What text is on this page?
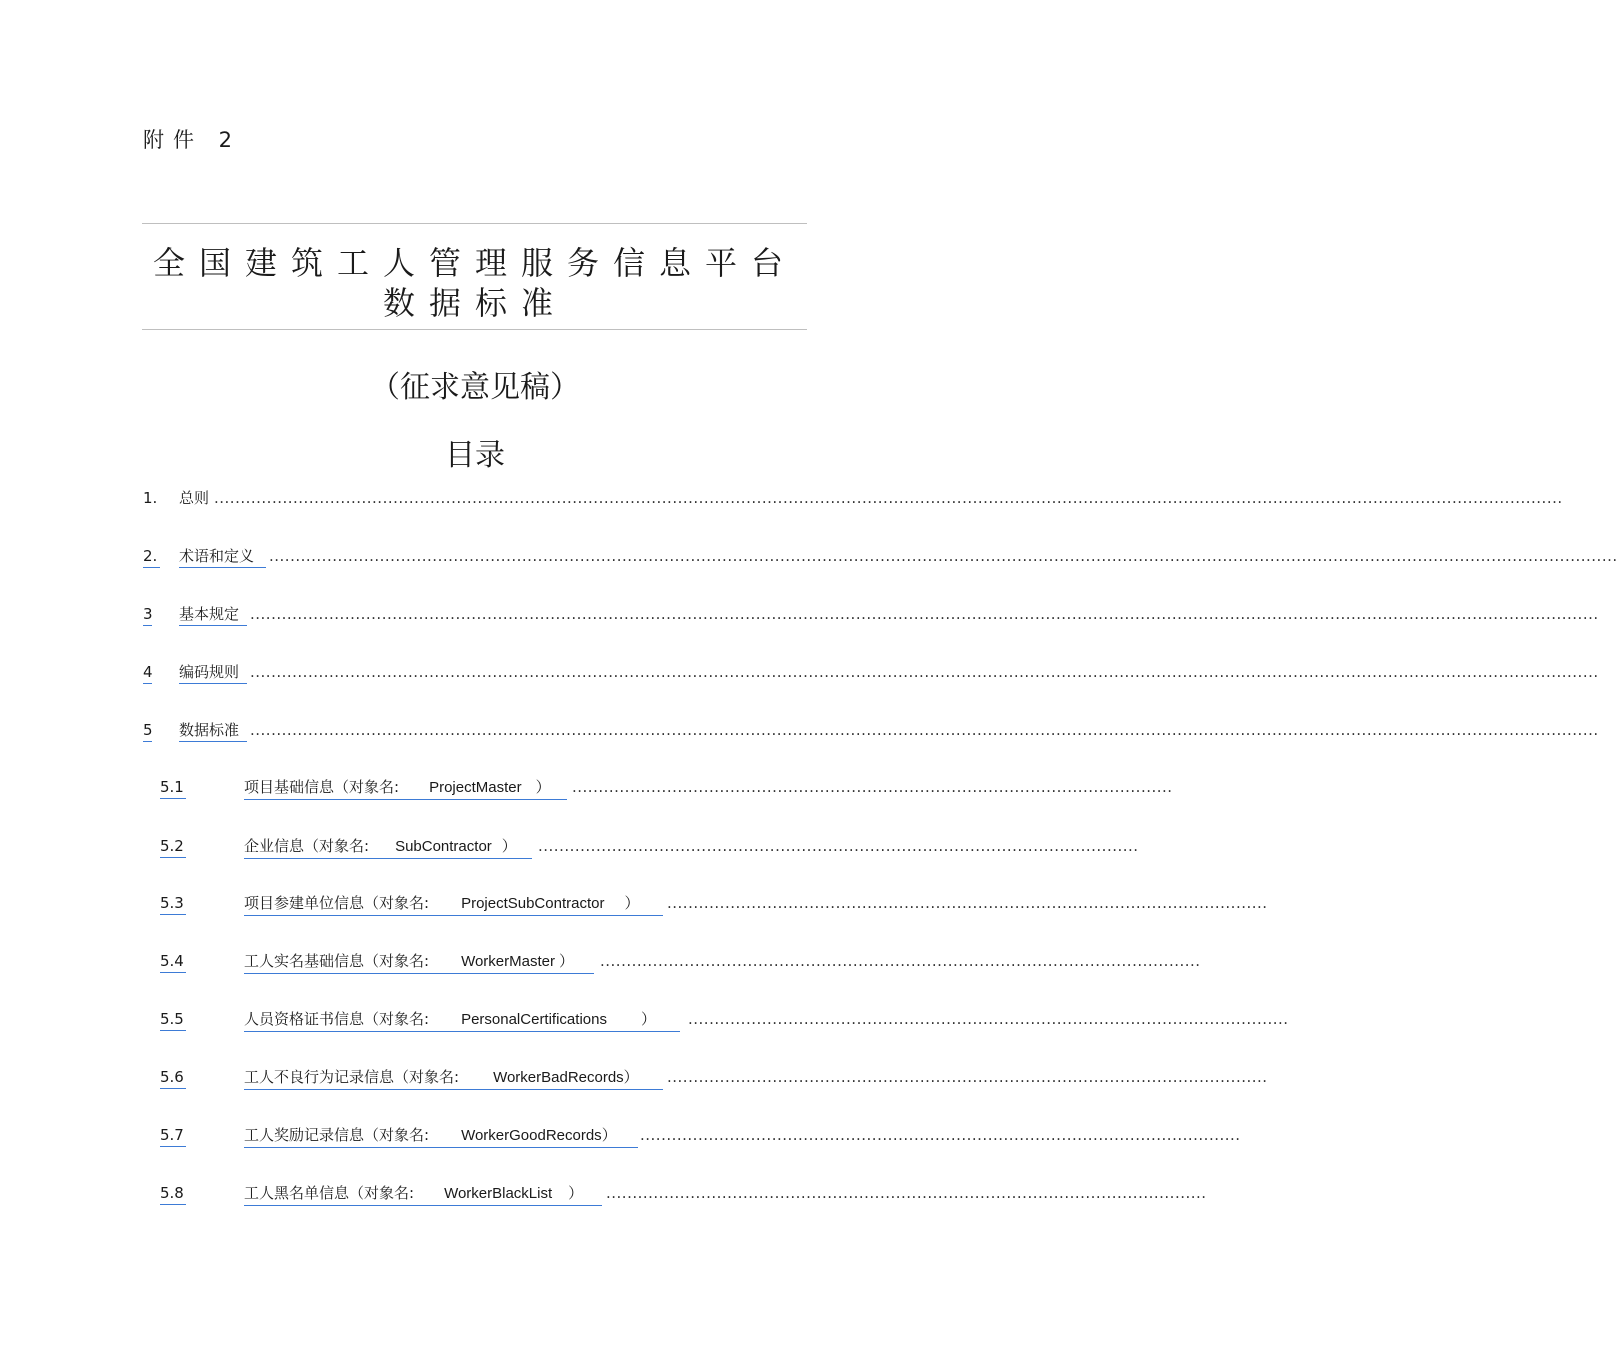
附件 2
全国建筑工人管理服务信息平台
数据标准
（征求意见稿）
目录
1. 总则 ................................................................................................................................................................................................................................................................
2. 术语和定义 ................................................................................................................................................................................................................................................................
3 基本规定 ................................................................................................................................................................................................................................................................
4 编码规则 ................................................................................................................................................................................................................................................................
5 数据标准 ................................................................................................................................................................................................................................................................
5.1	项目基础信息（对象名: ProjectMaster ）	..................................................................................................................
5.2	企业信息（对象名: SubContractor ）	..................................................................................................................
5.3	项目参建单位信息（对象名: ProjectSubContractor ）	..................................................................................................................
5.4	工人实名基础信息（对象名: WorkerMaster ）	..................................................................................................................
5.5	人员资格证书信息（对象名: PersonalCertifications ）	..................................................................................................................
5.6	工人不良行为记录信息（对象名: WorkerBadRecords）	..................................................................................................................
5.7	工人奖励记录信息（对象名: WorkerGoodRecords）	..................................................................................................................
5.8	工人黑名单信息（对象名: WorkerBlackList ）	..................................................................................................................
